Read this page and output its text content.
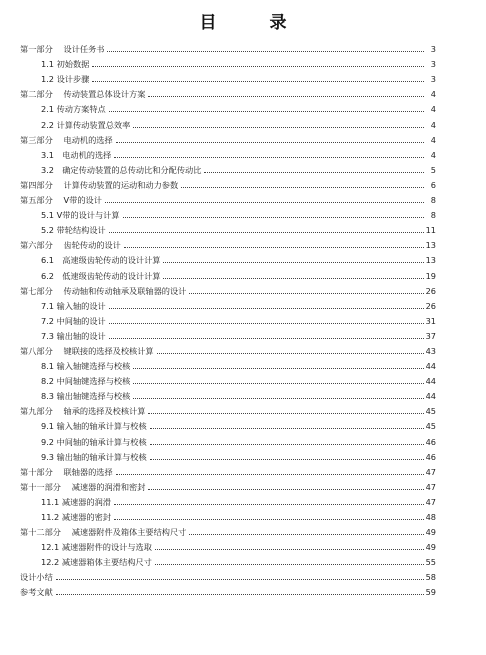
目　录
第一部分　 设计任务书	3
1.1 初始数据	3
1.2 设计步骤	3
第二部分　 传动装置总体设计方案	4
2.1 传动方案特点	4
2.2 计算传动装置总效率	4
第三部分　 电动机的选择	4
3.1　电动机的选择	4
3.2　确定传动装置的总传动比和分配传动比	5
第四部分　 计算传动装置的运动和动力参数	6
第五部分　 V带的设计	8
5.1 V带的设计与计算	8
5.2 带轮结构设计	11
第六部分　 齿轮传动的设计	13
6.1　高速级齿轮传动的设计计算	13
6.2　低速级齿轮传动的设计计算	19
第七部分　 传动轴和传动轴承及联轴器的设计	26
7.1 输入轴的设计	26
7.2 中间轴的设计	31
7.3 输出轴的设计	37
第八部分　 键联接的选择及校核计算	43
8.1 输入轴键选择与校核	44
8.2 中间轴键选择与校核	44
8.3 输出轴键选择与校核	44
第九部分　 轴承的选择及校核计算	45
9.1 输入轴的轴承计算与校核	45
9.2 中间轴的轴承计算与校核	46
9.3 输出轴的轴承计算与校核	46
第十部分　 联轴器的选择	47
第十一部分　 减速器的润滑和密封	47
11.1 减速器的润滑	47
11.2 减速器的密封	48
第十二部分　 减速器附件及箱体主要结构尺寸	49
12.1 减速器附件的设计与选取	49
12.2 减速器箱体主要结构尺寸	55
设计小结	58
参考文献	59
